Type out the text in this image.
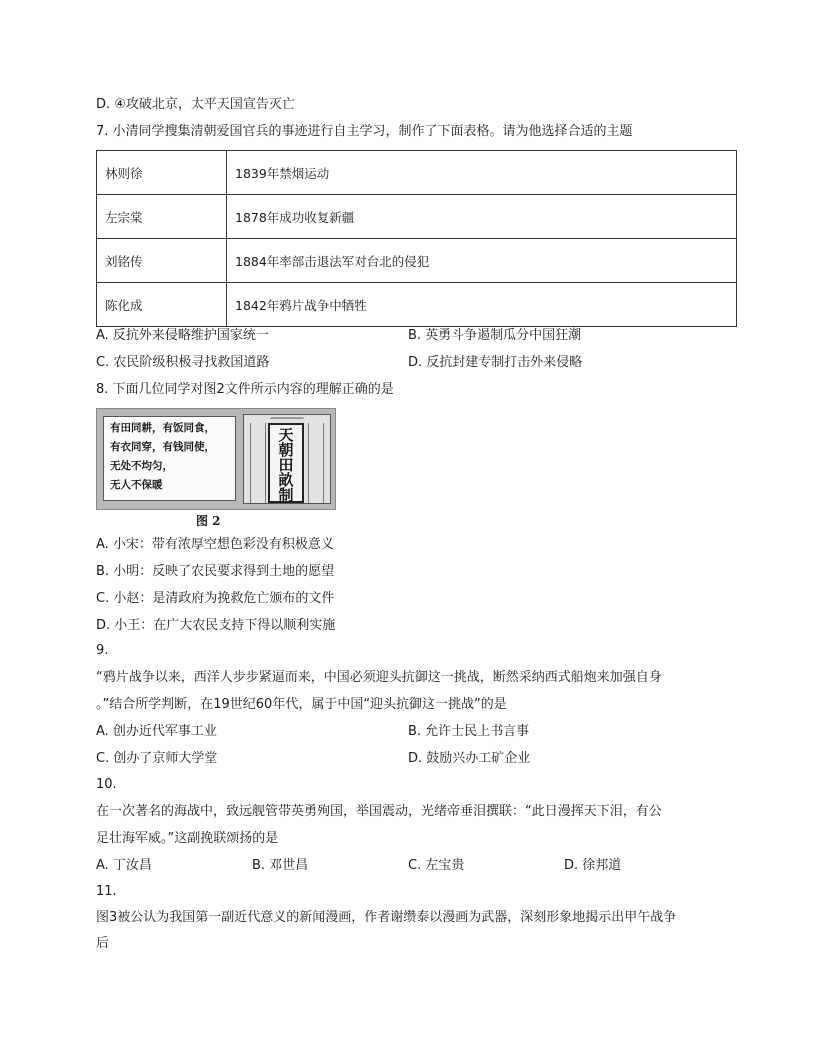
D. ④攻破北京，太平天国宣告灭亡
7. 小清同学搜集清朝爱国官兵的事迹进行自主学习，制作了下面表格。请为他选择合适的主题
林则徐	1839年禁烟运动
左宗棠	1878年成功收复新疆
刘铭传	1884年率部击退法军对台北的侵犯
陈化成	1842年鸦片战争中牺牲
A. 反抗外来侵略维护国家统一	B. 英勇斗争遏制瓜分中国狂潮
C. 农民阶级积极寻找救国道路	D. 反抗封建专制打击外来侵略
8. 下面几位同学对图2文件所示内容的理解正确的是
有田同耕，有饭同食，
有衣同穿，有钱同使，
无处不均匀，
无人不保暖
═══════════
天
朝
田
畝
制
图 2
A. 小宋：带有浓厚空想色彩没有积极意义
B. 小明：反映了农民要求得到土地的愿望
C. 小赵：是清政府为挽救危亡颁布的文件
D. 小王：在广大农民支持下得以顺利实施
9.
“鸦片战争以来，西洋人步步紧逼而来，中国必须迎头抗御这一挑战，断然采纳西式船炮来加强自身
。”结合所学判断，在19世纪60年代，属于中国“迎头抗御这一挑战”的是
A. 创办近代军事工业	B. 允许士民上书言事
C. 创办了京师大学堂	D. 鼓励兴办工矿企业
10.
在一次著名的海战中，致远舰管带英勇殉国，举国震动，光绪帝垂泪撰联：“此日漫挥天下泪，有公
足壮海军威。”这副挽联颂扬的是
A. 丁汝昌	B. 邓世昌	C. 左宝贵	D. 徐邦道
11.
图3被公认为我国第一副近代意义的新闻漫画，作者谢缵泰以漫画为武器，深刻形象地揭示出甲午战争
后
